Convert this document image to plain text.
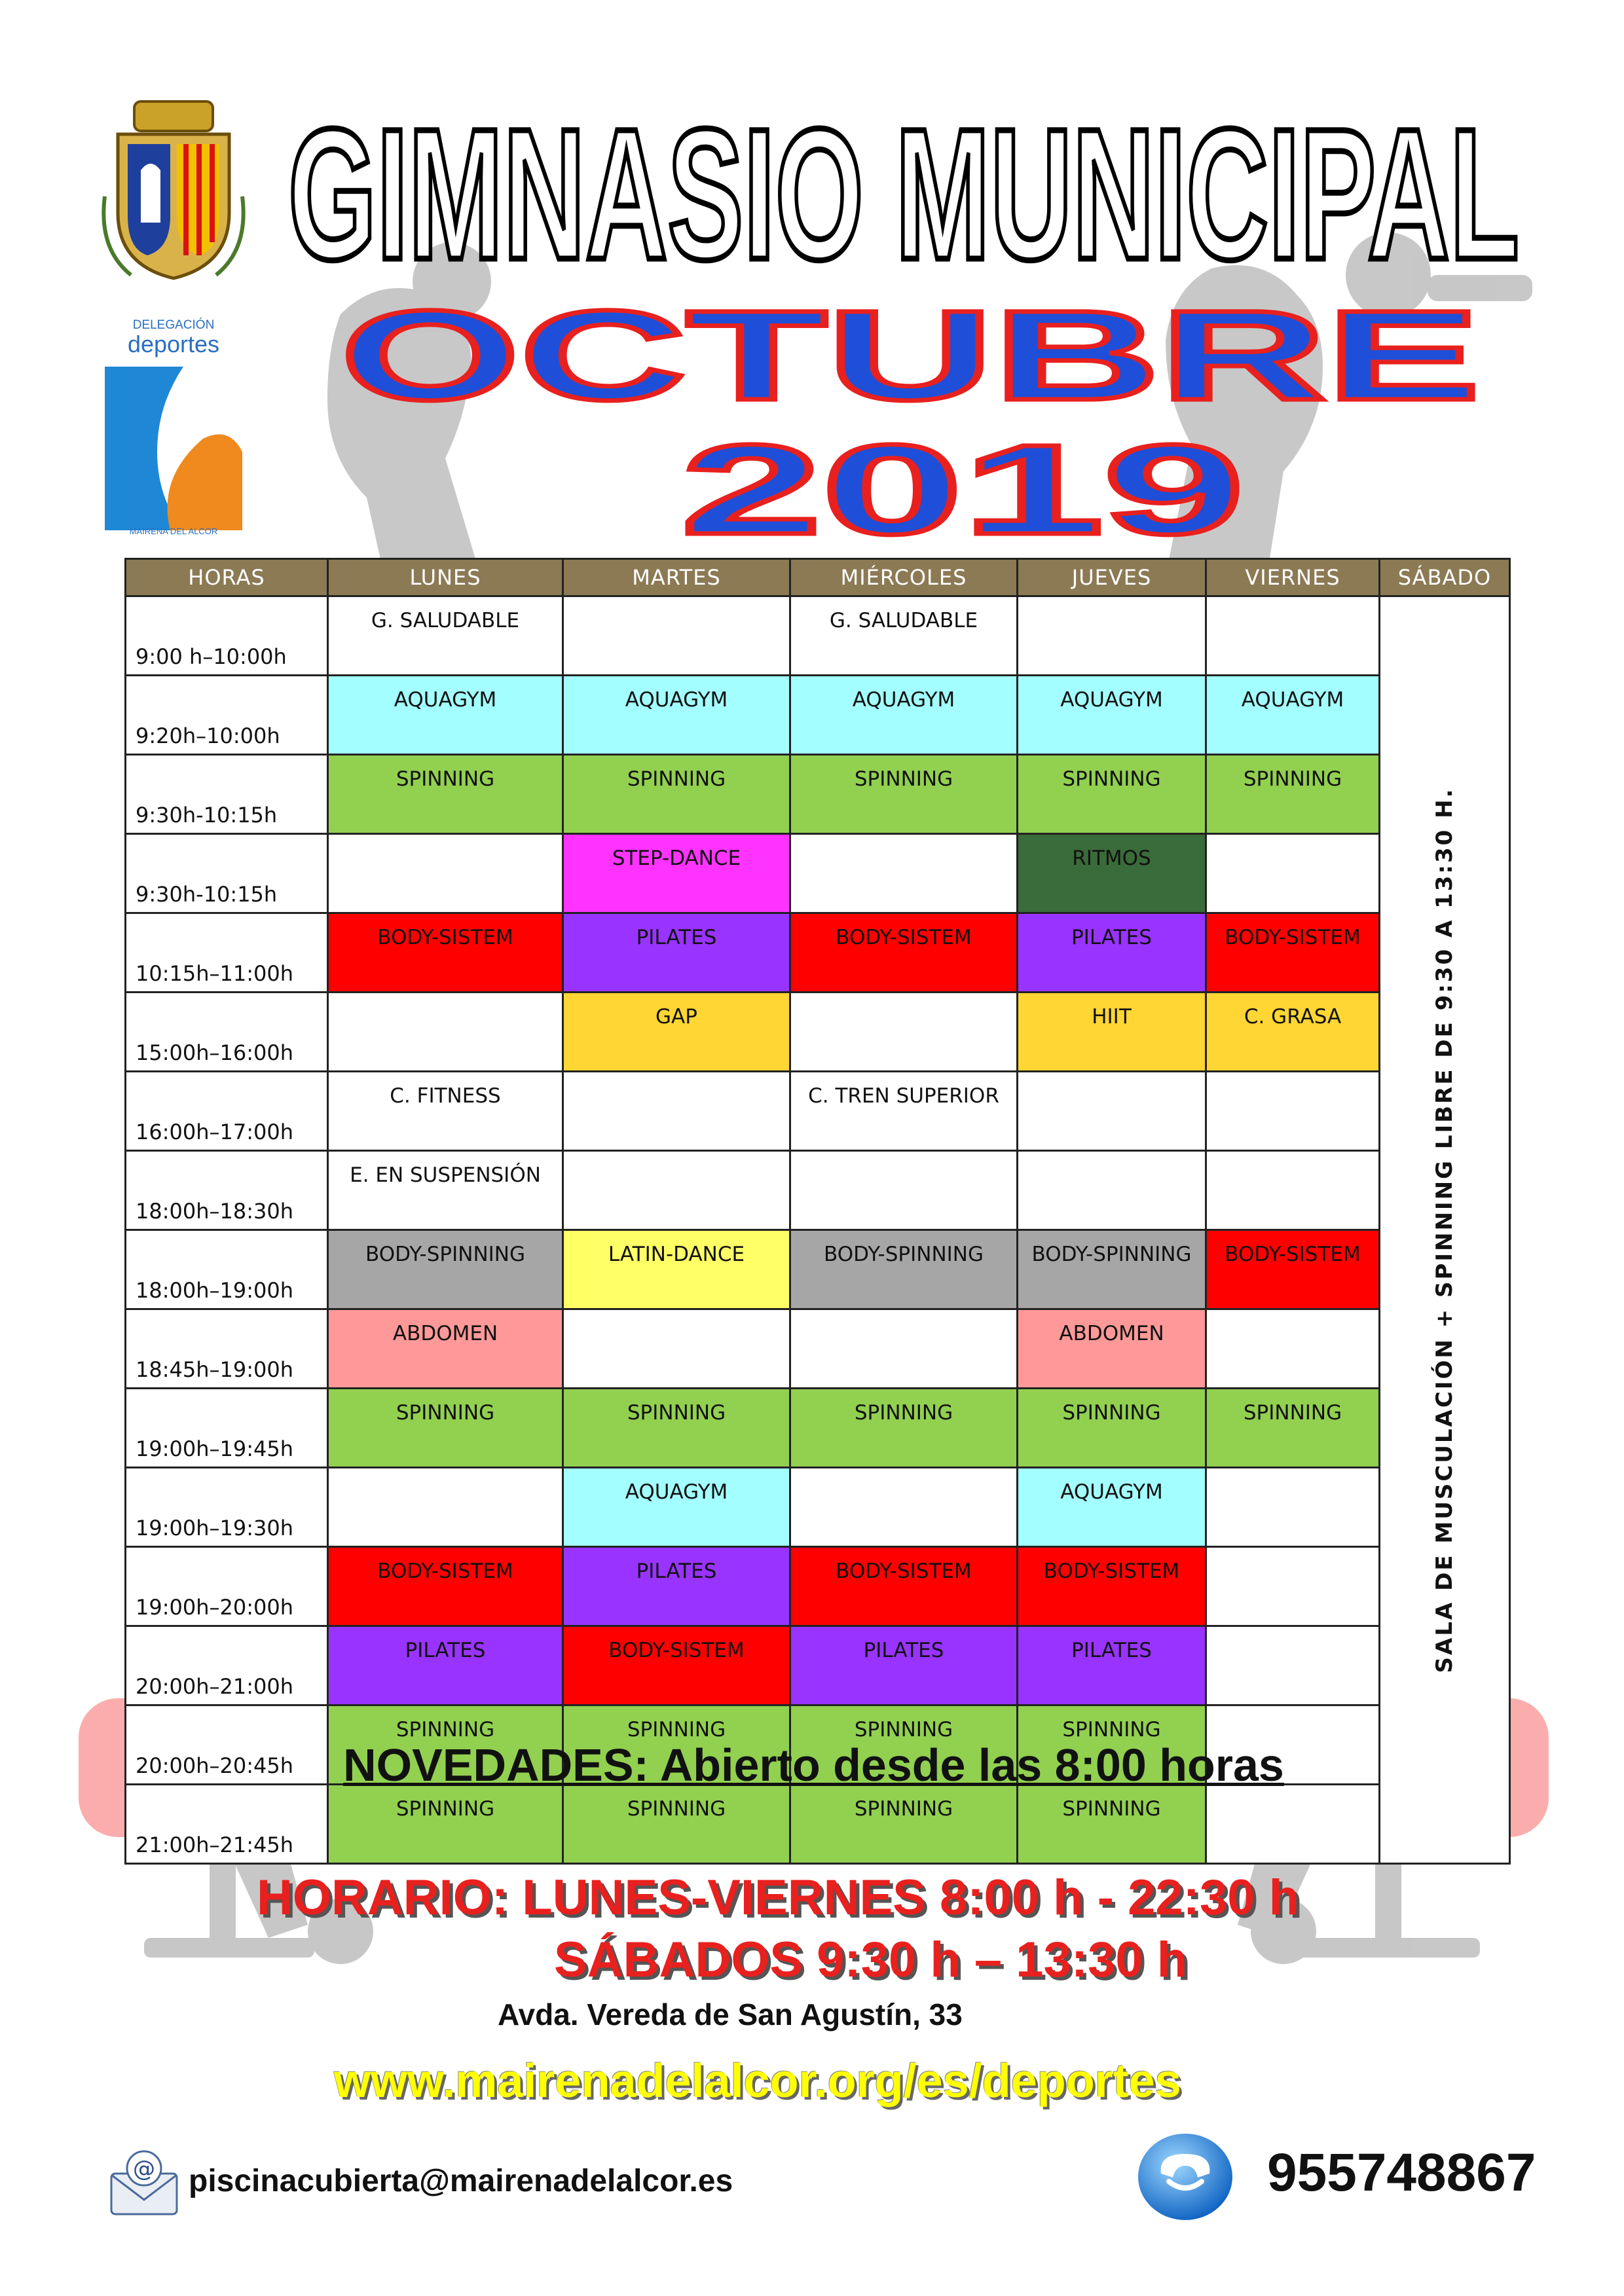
DELEGACIÓN
deportes
MAIRENA DEL ALCOR
GIMNASIO MUNICIPAL
OCTUBRE
2019
HORAS	LUNES	MARTES	MIÉRCOLES	JUEVES	VIERNES	SÁBADO
9:00 h–10:00h	G. SALUDABLE		G. SALUDABLE			SALA DE MUSCULACIÓN + SPINNING LIBRE DE 9:30 A 13:30 H.

9:20h–10:00h	AQUAGYM	AQUAGYM	AQUAGYM	AQUAGYM	AQUAGYM	
9:30h-10:15h	SPINNING	SPINNING	SPINNING	SPINNING	SPINNING	
9:30h-10:15h		STEP-DANCE		RITMOS		
10:15h–11:00h	BODY-SISTEM	PILATES	BODY-SISTEM	PILATES	BODY-SISTEM	
15:00h–16:00h		GAP		HIIT	C. GRASA	
16:00h–17:00h	C. FITNESS		C. TREN SUPERIOR			
18:00h–18:30h	E. EN SUSPENSIÓN					
18:00h–19:00h	BODY-SPINNING	LATIN-DANCE	BODY-SPINNING	BODY-SPINNING	BODY-SISTEM	
18:45h–19:00h	ABDOMEN			ABDOMEN		
19:00h–19:45h	SPINNING	SPINNING	SPINNING	SPINNING	SPINNING	
19:00h–19:30h		AQUAGYM		AQUAGYM		
19:00h–20:00h	BODY-SISTEM	PILATES	BODY-SISTEM	BODY-SISTEM		
20:00h–21:00h	PILATES	BODY-SISTEM	PILATES	PILATES		
20:00h–20:45h	SPINNING	SPINNING	SPINNING	SPINNING		
21:00h–21:45h	SPINNING	SPINNING	SPINNING	SPINNING		
NOVEDADES: Abierto desde las 8:00 horas
HORARIO: LUNES-VIERNES 8:00 h - 22:30 h
SÁBADOS 9:30 h – 13:30 h
Avda. Vereda de San Agustín, 33
www.mairenadelalcor.org/es/deportes
@ piscinacubierta@mairenadelalcor.es	955748867
